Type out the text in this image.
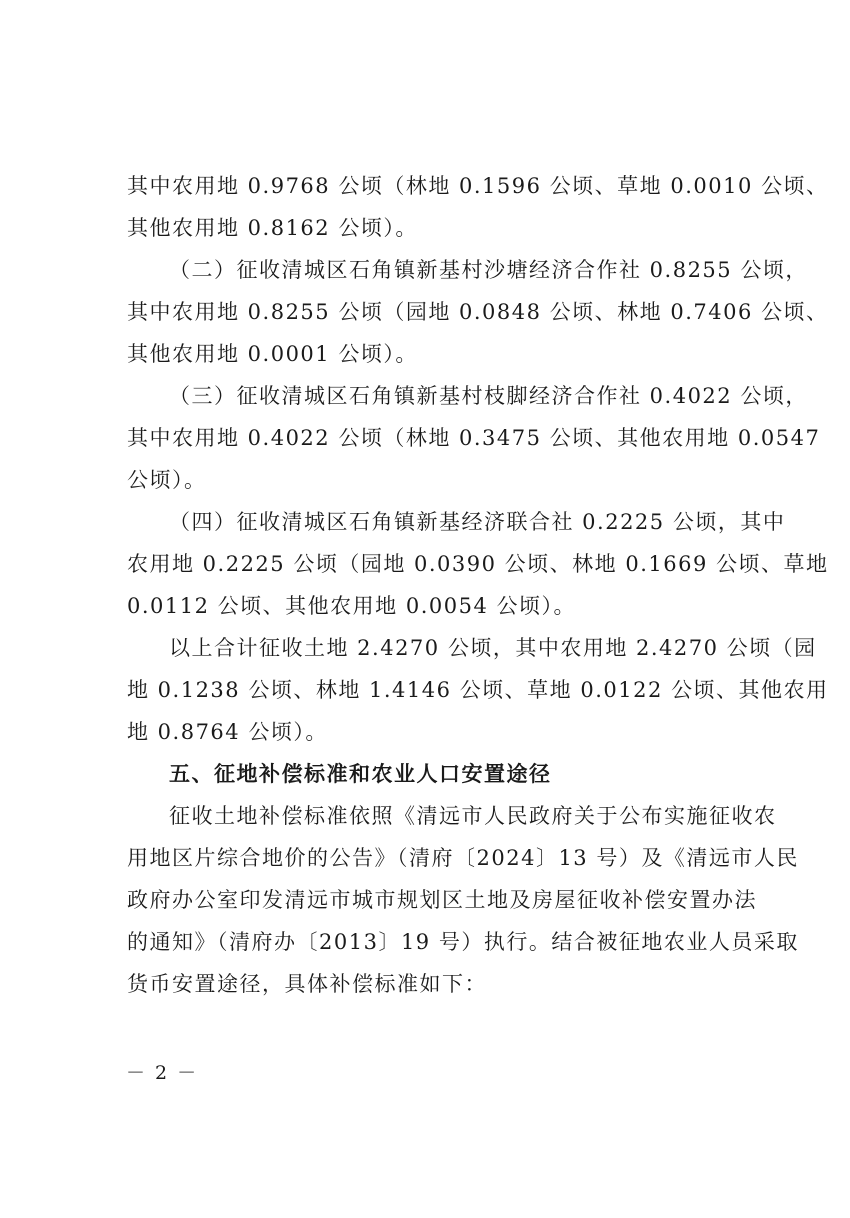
其中农用地 0.9768 公顷（林地 0.1596 公顷、草地 0.0010 公顷、
其他农用地 0.8162 公顷）。
（二）征收清城区石角镇新基村沙塘经济合作社 0.8255 公顷，
其中农用地 0.8255 公顷（园地 0.0848 公顷、林地 0.7406 公顷、
其他农用地 0.0001 公顷）。
（三）征收清城区石角镇新基村枝脚经济合作社 0.4022 公顷，
其中农用地 0.4022 公顷（林地 0.3475 公顷、其他农用地 0.0547
公顷）。
（四）征收清城区石角镇新基经济联合社 0.2225 公顷，其中
农用地 0.2225 公顷（园地 0.0390 公顷、林地 0.1669 公顷、草地
0.0112 公顷、其他农用地 0.0054 公顷）。
以上合计征收土地 2.4270 公顷，其中农用地 2.4270 公顷（园
地 0.1238 公顷、林地 1.4146 公顷、草地 0.0122 公顷、其他农用
地 0.8764 公顷）。
五、征地补偿标准和农业人口安置途径
征收土地补偿标准依照《清远市人民政府关于公布实施征收农
用地区片综合地价的公告》（清府〔2024〕13 号）及《清远市人民
政府办公室印发清远市城市规划区土地及房屋征收补偿安置办法
的通知》（清府办〔2013〕19 号）执行。结合被征地农业人员采取
货币安置途径，具体补偿标准如下：
－ 2 －
